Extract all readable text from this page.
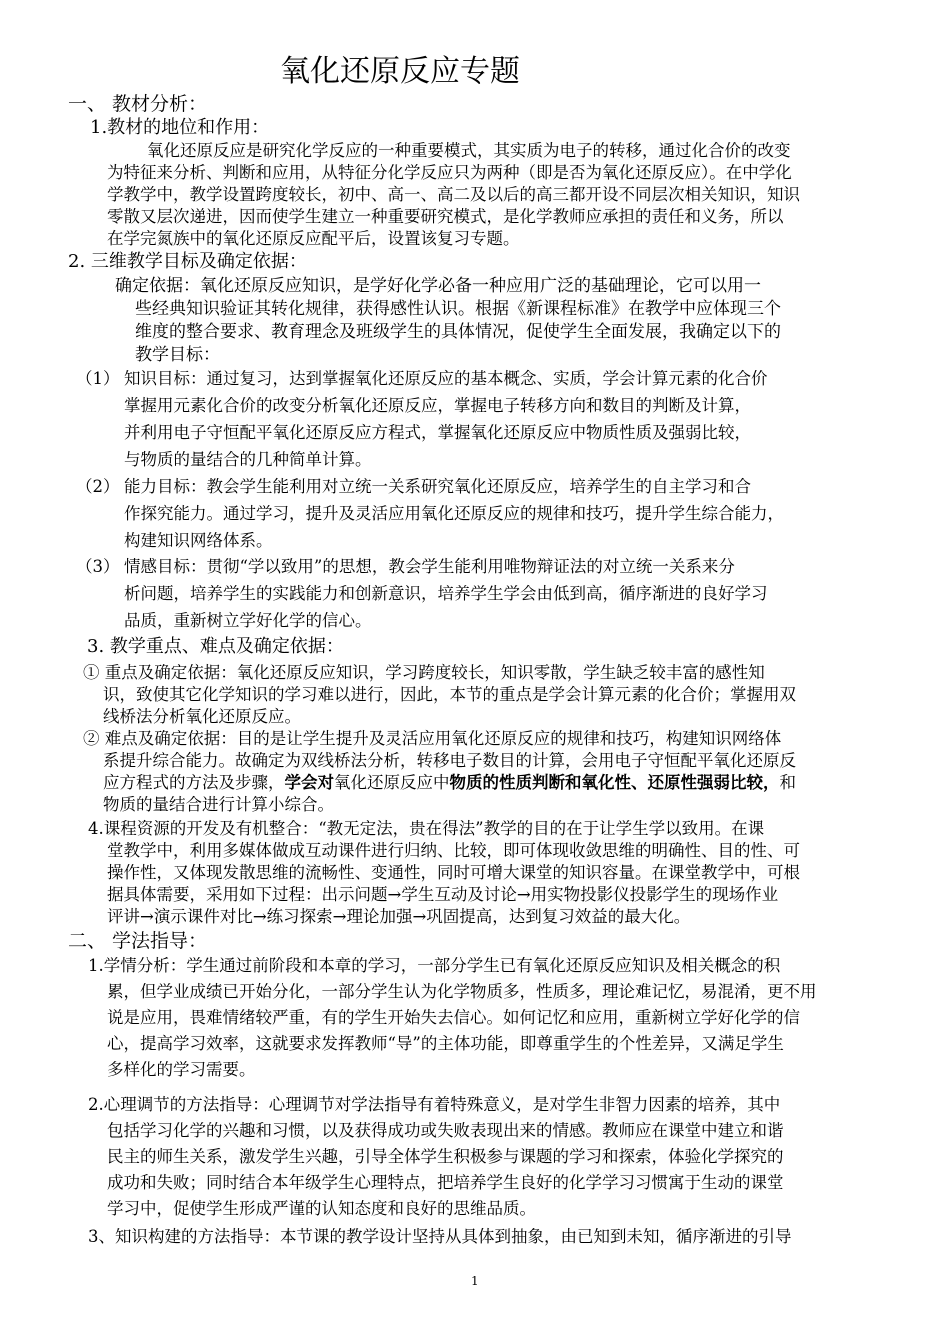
氧化还原反应专题
一、 教材分析：
1.教材的地位和作用：
氧化还原反应是研究化学反应的一种重要模式，其实质为电子的转移，通过化合价的改变
为特征来分析、判断和应用，从特征分化学反应只为两种（即是否为氧化还原反应）。在中学化
学教学中，教学设置跨度较长，初中、高一、高二及以后的高三都开设不同层次相关知识，知识
零散又层次递进，因而使学生建立一种重要研究模式，是化学教师应承担的责任和义务，所以
在学完氮族中的氧化还原反应配平后，设置该复习专题。
2. 三维教学目标及确定依据：
确定依据：氧化还原反应知识，是学好化学必备一种应用广泛的基础理论，它可以用一
些经典知识验证其转化规律，获得感性认识。根据《新课程标准》在教学中应体现三个
维度的整合要求、教育理念及班级学生的具体情况，促使学生全面发展，我确定以下的
教学目标：
（1） 知识目标：通过复习，达到掌握氧化还原反应的基本概念、实质，学会计算元素的化合价
掌握用元素化合价的改变分析氧化还原反应，掌握电子转移方向和数目的判断及计算，
并利用电子守恒配平氧化还原反应方程式，掌握氧化还原反应中物质性质及强弱比较，
与物质的量结合的几种简单计算。
（2） 能力目标：教会学生能利用对立统一关系研究氧化还原反应，培养学生的自主学习和合
作探究能力。通过学习，提升及灵活应用氧化还原反应的规律和技巧，提升学生综合能力，
构建知识网络体系。
（3） 情感目标：贯彻“学以致用”的思想，教会学生能利用唯物辩证法的对立统一关系来分
析问题，培养学生的实践能力和创新意识，培养学生学会由低到高，循序渐进的良好学习
品质，重新树立学好化学的信心。
3. 教学重点、难点及确定依据：
① 重点及确定依据：氧化还原反应知识，学习跨度较长，知识零散，学生缺乏较丰富的感性知
识，致使其它化学知识的学习难以进行，因此，本节的重点是学会计算元素的化合价；掌握用双
线桥法分析氧化还原反应。
② 难点及确定依据：目的是让学生提升及灵活应用氧化还原反应的规律和技巧，构建知识网络体
系提升综合能力。故确定为双线桥法分析，转移电子数目的计算，会用电子守恒配平氧化还原反
应方程式的方法及步骤，学会对氧化还原反应中物质的性质判断和氧化性、还原性强弱比较，和
物质的量结合进行计算小综合。
4.课程资源的开发及有机整合：“教无定法，贵在得法”教学的目的在于让学生学以致用。在课
堂教学中，利用多媒体做成互动课件进行归纳、比较，即可体现收敛思维的明确性、目的性、可
操作性，又体现发散思维的流畅性、变通性，同时可增大课堂的知识容量。在课堂教学中，可根
据具体需要，采用如下过程：出示问题→学生互动及讨论→用实物投影仪投影学生的现场作业
评讲→演示课件对比→练习探索→理论加强→巩固提高，达到复习效益的最大化。
二、 学法指导：
1.学情分析：学生通过前阶段和本章的学习，一部分学生已有氧化还原反应知识及相关概念的积
累，但学业成绩已开始分化，一部分学生认为化学物质多，性质多，理论难记忆，易混淆，更不用
说是应用，畏难情绪较严重，有的学生开始失去信心。如何记忆和应用，重新树立学好化学的信
心，提高学习效率，这就要求发挥教师“导”的主体功能，即尊重学生的个性差异，又满足学生
多样化的学习需要。
2.心理调节的方法指导：心理调节对学法指导有着特殊意义，是对学生非智力因素的培养，其中
包括学习化学的兴趣和习惯，以及获得成功或失败表现出来的情感。教师应在课堂中建立和谐
民主的师生关系，激发学生兴趣，引导全体学生积极参与课题的学习和探索，体验化学探究的
成功和失败；同时结合本年级学生心理特点，把培养学生良好的化学学习习惯寓于生动的课堂
学习中，促使学生形成严谨的认知态度和良好的思维品质。
3、知识构建的方法指导：本节课的教学设计坚持从具体到抽象，由已知到未知，循序渐进的引导
1
